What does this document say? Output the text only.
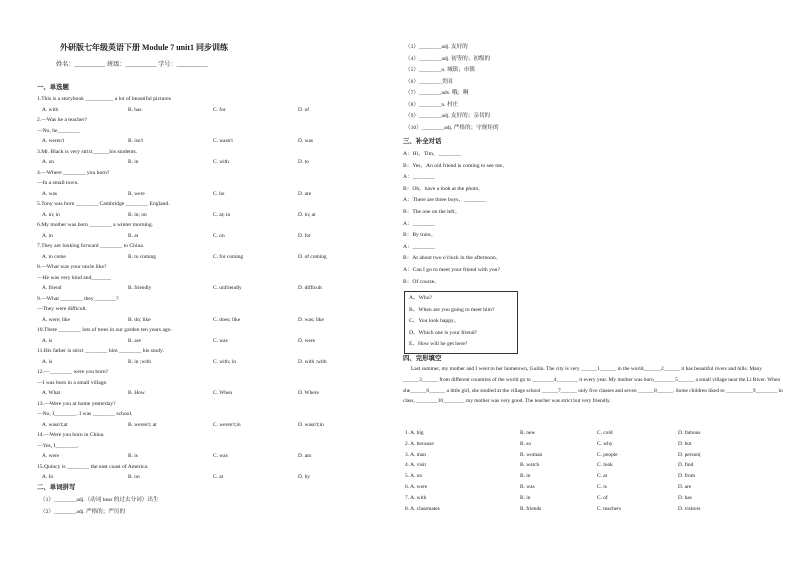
外研版七年级英语下册 Module 7 unit1 同步训练
姓名：__________ 班级：__________ 学号：__________
一、单选题
1.This is a storybook __________ a lot of beautiful pictures
A. with	B. has	C. for	D. of
2.—Was he a teacher?
—No, he________
A. weren't	B. isn't	C. wasn't	D. was
3.Mr. Black is very strict______his students.
A. on	B. in	C. with	D. to
4.—Where ________ you born?
—In a small town.
A. was	B. were	C. be	D. are
5.Tony was born ________ Cambridge ________ England.
A. in; in	B. in; on	C. at; in	D. in; at
6.My mother was born ________ a winter morning.
A. in	B. at	C. on	D. for
7.They are looking forward ________ to China.
A. to come	B. to coming	C. for coming	D. of coming
8.—What was your uncle like?
—He was very kind and_______
A. friend	B. friendly	C. unfriendly	D. difficult
9.—What ________ they________?
—They were difficult.
A. were; like	B. do; like	C. does; like	D. was; like
10.There ________ lots of trees in our garden ten years ago.
A. is	B. are	C. was	D. were
11.His father is strict ________ him ________ his study.
A. is	B. in ;with	C. with; in	D. with ;with
12.—________ were you born?
—I was born in a small village.
A. What	B. How	C. When	D. Where
13.—Were you at home yesterday?
—No, I________. I was ________ school.
A. wasn't;at	B. weren't; at	C. weren't;in	D. wasn't;in
14.—Were you born in China.
—Yes, I________.
A. were	B. is	C. was	D. am
15.Quincy is ________ the east coast of America.
A. In	B. on	C. at	D. by
二、单词拼写
（1）________adj.（动词 bear 的过去分词）出生
（2）________adj. 严格的；严厉的
（3）________adj. 友好的
（4）________adj. 初等的；初级的
（5）________n. 城镇；市镇
（6）________美国
（7）________adv. 哦；啊
（8）________n. 村庄
（9）________adj. 友好的；亲切的
（10）________adj. 严格的；守规矩的
三、补全对话
A：Hi，Tim，________
B：Yes，An old friend is coming to see me。
A：________
B：Oh，have a look at the photo。
A：There are three boys，________
B：The one on the left。
A：________
B：By train。
A：________
B：At about two o'clock in the afternoon。
A：Can I go to meet your friend with you?
B：Of course。
A、Who?
B、When are you going to meet him?
C、You look happy。
D、Which one is your friend?
E、How will he get here?
四、完形填空
Last summer, my mother and I went to her hometown, Guilin. The city is very ______1______ in the world,______2______ it has beautiful rivers and hills. Many ______3______ from different countries of the world go to ________4________ it every year. My mother was born________5______ a small village near the Li River. When she______6______ a little girl, she studied at the village school ______7______ only five classes and seven ______8______. Some children liked to __________9________ in class, ________10________ my mother was very good. The teacher was strict but very friendly.
1. A. big	B. new	C. cold	D. famous
2. A. because	B. so	C. why	D. but
3. A. man	B. woman	C. people	D. person(
4. A. visit	B. watch	C. look	D. find
5. A. on	B. in	C. at	D. from
6. A. were	B. was	C. is	D. are
7. A. with	B. in	C. of	D. has
8. A. classmates	B. friends	C. teachers	D. visitors
